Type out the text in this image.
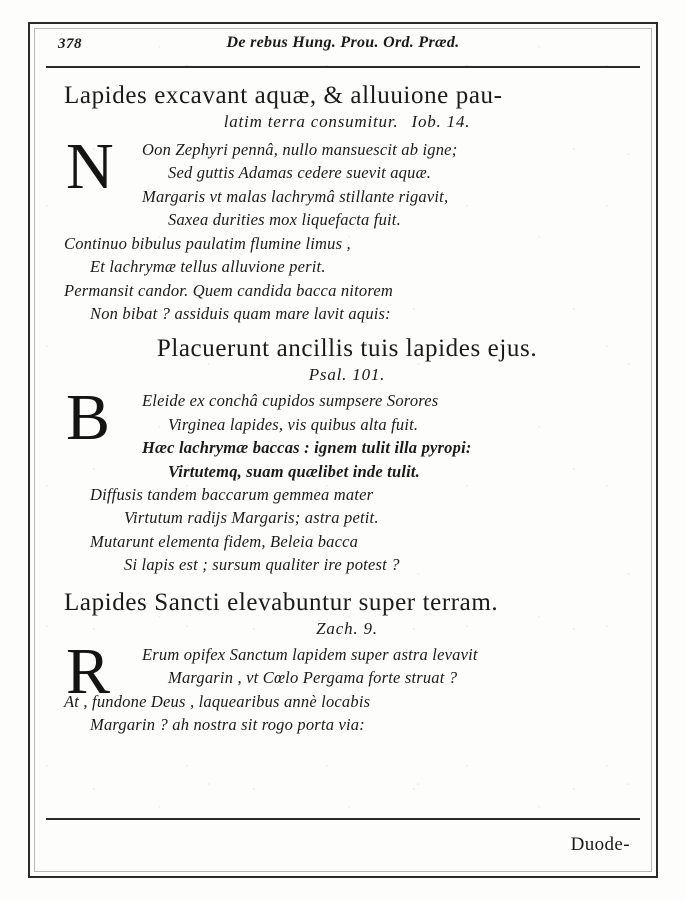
378	De rebus Hung. Prou. Ord. Præd.
Lapides excavant aquæ, & alluuione pau-
latim terra consumitur. Iob. 14.
N Oon Zephyri pennâ, nullo mansuescit ab igne;
Sed guttis Adamas cedere suevit aquæ.
Margaris vt malas lachrymâ stillante rigavit,
Saxea durities mox liquefacta fuit.
Continuo bibulus paulatim flumine limus ,
Et lachrymæ tellus alluvione perit.
Permansit candor. Quem candida bacca nitorem
Non bibat ? assiduis quam mare lavit aquis:
Placuerunt ancillis tuis lapides ejus.
Psal. 101.
B Eleide ex conchâ cupidos sumpsere Sorores
Virginea lapides, vis quibus alta fuit.
Hæc lachrymæ baccas : ignem tulit illa pyropi:
Virtutemq, suam quælibet inde tulit.
Diffusis tandem baccarum gemmea mater
Virtutum radijs Margaris; astra petit.
Mutarunt elementa fidem, Beleia bacca
Si lapis est ; sursum qualiter ire potest ?
Lapides Sancti elevabuntur super terram.
Zach. 9.
R Erum opifex Sanctum lapidem super astra levavit
Margarin , vt Cœlo Pergama forte struat ?
At , fundone Deus , laquearibus annè locabis
Margarin ? ah nostra sit rogo porta via:
Duode-
